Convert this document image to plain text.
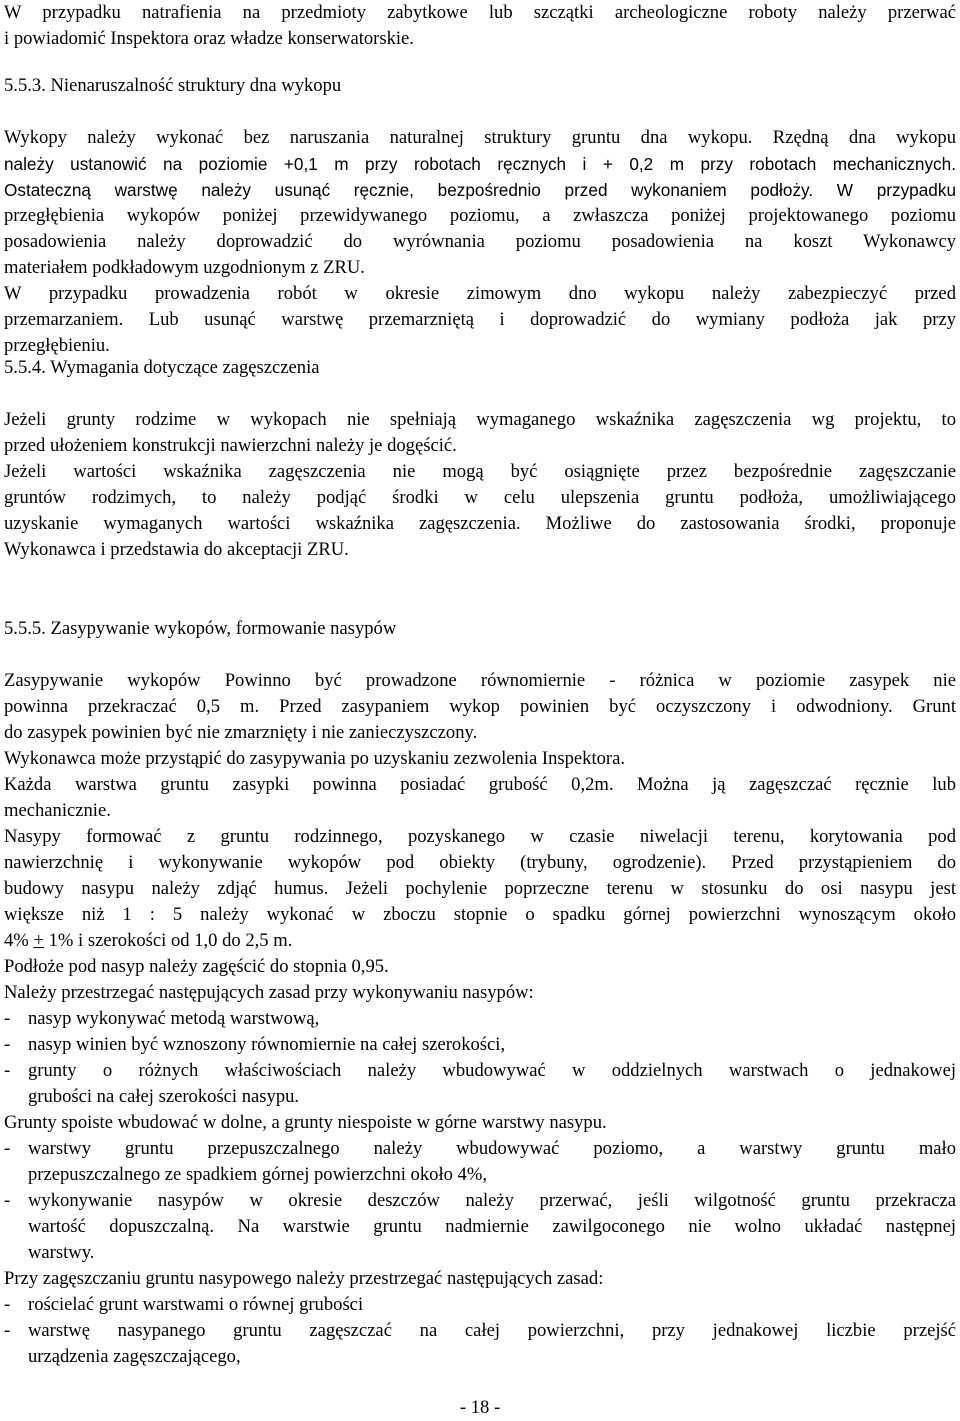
W przypadku natrafienia na przedmioty zabytkowe lub szczątki archeologiczne roboty należy przerwać
i powiadomić Inspektora oraz władze konserwatorskie.
5.5.3. Nienaruszalność struktury dna wykopu
Wykopy należy wykonać bez naruszania naturalnej struktury gruntu dna wykopu. Rzędną dna wykopu
należy ustanowić na poziomie +0,1 m przy robotach ręcznych i + 0,2 m przy robotach mechanicznych.
Ostateczną warstwę należy usunąć ręcznie, bezpośrednio przed wykonaniem podłoży. W przypadku
przegłębienia wykopów poniżej przewidywanego poziomu, a zwłaszcza poniżej projektowanego poziomu
posadowienia należy doprowadzić do wyrównania poziomu posadowienia na koszt Wykonawcy
materiałem podkładowym uzgodnionym z ZRU.
W przypadku prowadzenia robót w okresie zimowym dno wykopu należy zabezpieczyć przed
przemarzaniem. Lub usunąć warstwę przemarzniętą i doprowadzić do wymiany podłoża jak przy
przegłębieniu.
5.5.4. Wymagania dotyczące zagęszczenia
Jeżeli grunty rodzime w wykopach nie spełniają wymaganego wskaźnika zagęszczenia wg projektu, to
przed ułożeniem konstrukcji nawierzchni należy je dogęścić.
Jeżeli wartości wskaźnika zagęszczenia nie mogą być osiągnięte przez bezpośrednie zagęszczanie
gruntów rodzimych, to należy podjąć środki w celu ulepszenia gruntu podłoża, umożliwiającego
uzyskanie wymaganych wartości wskaźnika zagęszczenia. Możliwe do zastosowania środki, proponuje
Wykonawca i przedstawia do akceptacji ZRU.
5.5.5. Zasypywanie wykopów, formowanie nasypów
Zasypywanie wykopów Powinno być prowadzone równomiernie - różnica w poziomie zasypek nie
powinna przekraczać 0,5 m. Przed zasypaniem wykop powinien być oczyszczony i odwodniony. Grunt
do zasypek powinien być nie zmarznięty i nie zanieczyszczony.
Wykonawca może przystąpić do zasypywania po uzyskaniu zezwolenia Inspektora.
Każda warstwa gruntu zasypki powinna posiadać grubość 0,2m. Można ją zagęszczać ręcznie lub
mechanicznie.
Nasypy formować z gruntu rodzinnego, pozyskanego w czasie niwelacji terenu, korytowania pod
nawierzchnię i wykonywanie wykopów pod obiekty (trybuny, ogrodzenie). Przed przystąpieniem do
budowy nasypu należy zdjąć humus. Jeżeli pochylenie poprzeczne terenu w stosunku do osi nasypu jest
większe niż 1 : 5 należy wykonać w zboczu stopnie o spadku górnej powierzchni wynoszącym około
4% + 1% i szerokości od 1,0 do 2,5 m.
Podłoże pod nasyp należy zagęścić do stopnia 0,95.
Należy przestrzegać następujących zasad przy wykonywaniu nasypów:
- nasyp wykonywać metodą warstwową,
- nasyp winien być wznoszony równomiernie na całej szerokości,
- grunty o różnych właściwościach należy wbudowywać w oddzielnych warstwach o jednakowej
grubości na całej szerokości nasypu.
Grunty spoiste wbudować w dolne, a grunty niespoiste w górne warstwy nasypu.
- warstwy gruntu przepuszczalnego należy wbudowywać poziomo, a warstwy gruntu mało
przepuszczalnego ze spadkiem górnej powierzchni około 4%,
- wykonywanie nasypów w okresie deszczów należy przerwać, jeśli wilgotność gruntu przekracza
wartość dopuszczalną. Na warstwie gruntu nadmiernie zawilgoconego nie wolno układać następnej
warstwy.
Przy zagęszczaniu gruntu nasypowego należy przestrzegać następujących zasad:
- rościelać grunt warstwami o równej grubości
- warstwę nasypanego gruntu zagęszczać na całej powierzchni, przy jednakowej liczbie przejść
urządzenia zagęszczającego,
- 18 -
